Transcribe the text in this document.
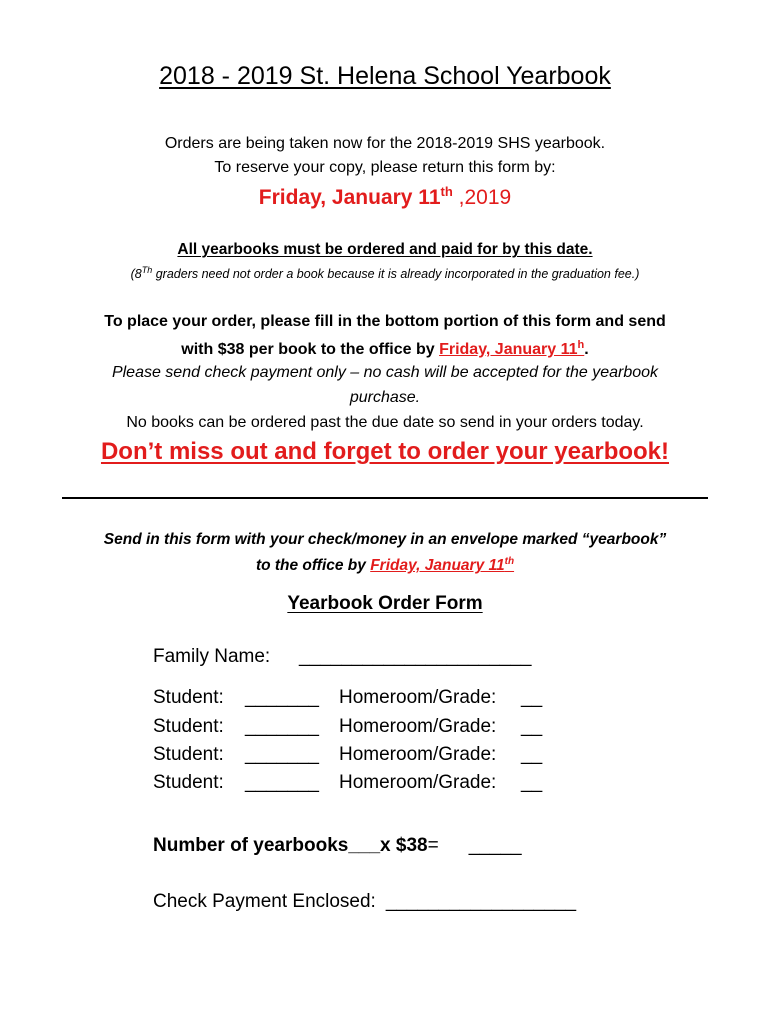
2018 - 2019 St. Helena School Yearbook
Orders are being taken now for the 2018-2019 SHS yearbook.
To reserve your copy, please return this form by:
Friday, January 11th ,2019
All yearbooks must be ordered and paid for by this date.
(8Th graders need not order a book because it is already incorporated in the graduation fee.)
To place your order, please fill in the bottom portion of this form and send
with $38 per book to the office by Friday, January 11$^h$.
Please send check payment only – no cash will be accepted for the yearbook
purchase.
No books can be ordered past the due date so send in your orders today.
Don’t miss out and forget to order your yearbook!
Send in this form with your check/money in an envelope marked “yearbook”
to the office by Friday, January 11th
Yearbook Order Form
Family Name: ______________________
Student: _______ Homeroom/Grade: __
Student: _______ Homeroom/Grade: __
Student: _______ Homeroom/Grade: __
Student: _______ Homeroom/Grade: __
Number of yearbooks___x $38= _____
Check Payment Enclosed: __________________
